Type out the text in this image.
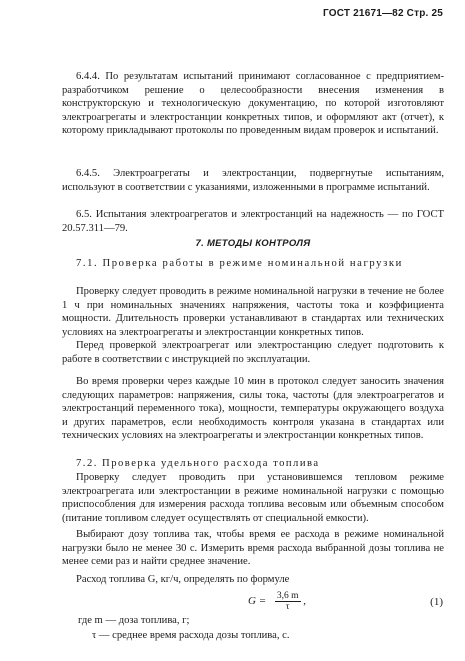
ГОСТ 21671—82 Стр. 25

6.4.4. По результатам испытаний принимают согласованное с предприятием-разработчиком решение о целесообразности внесения изменения в конструкторскую и технологическую документацию, по которой изготовляют электроагрегаты и электростанции конкретных типов, и оформляют акт (отчет), к которому прикладывают протоколы по проведенным видам проверок и испытаний.

6.4.5. Электроагрегаты и электростанции, подвергнутые испытаниям, используют в соответствии с указаниями, изложенными в программе испытаний.

6.5. Испытания электроагрегатов и электростанций на надежность — по ГОСТ 20.57.311—79.

7. МЕТОДЫ КОНТРОЛЯ

7.1. Проверка работы в режиме номинальной нагрузки

Проверку следует проводить в режиме номинальной нагрузки в течение не более 1 ч при номинальных значениях напряжения, частоты тока и коэффициента мощности. Длительность проверки устанавливают в стандартах или технических условиях на электроагрегаты и электростанции конкретных типов.

Перед проверкой электроагрегат или электростанцию следует подготовить к работе в соответствии с инструкцией по эксплуатации.

Во время проверки через каждые 10 мин в протокол следует заносить значения следующих параметров: напряжения, силы тока, частоты (для электроагрегатов и электростанций переменного тока), мощности, температуры окружающего воздуха и других параметров, если необходимость контроля указана в стандартах или технических условиях на электроагрегаты и электростанции конкретных типов.

7.2. Проверка удельного расхода топлива

Проверку следует проводить при установившемся тепловом режиме электроагрегата или электростанции в режиме номинальной нагрузки с помощью приспособления для измерения расхода топлива весовым или объемным способом (питание топливом следует осуществлять от специальной емкости).

Выбирают дозу топлива так, чтобы время ее расхода в режиме номинальной нагрузки было не менее 30 с. Измерить время расхода выбранной дозы топлива не менее семи раз и найти среднее значение.

Расход топлива G, кг/ч, определять по формуле

$G = \frac{3,6 m}{\tau}$ ,	(1)
где m — доза топлива, г;
τ — среднее время расхода дозы топлива, с.
